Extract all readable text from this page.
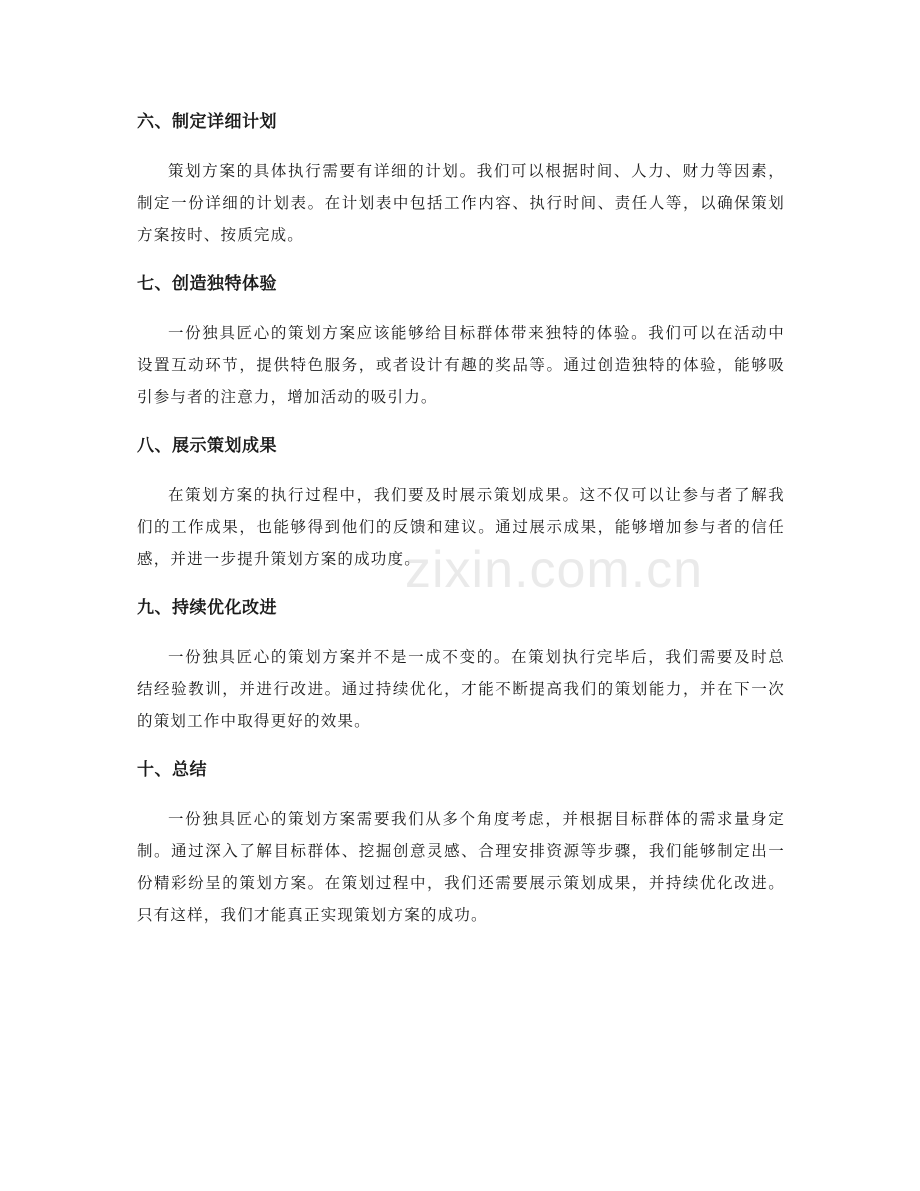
六、制定详细计划

策划方案的具体执行需要有详细的计划。我们可以根据时间、人力、财力等因素，制定一份详细的计划表。在计划表中包括工作内容、执行时间、责任人等，以确保策划方案按时、按质完成。

七、创造独特体验

一份独具匠心的策划方案应该能够给目标群体带来独特的体验。我们可以在活动中设置互动环节，提供特色服务，或者设计有趣的奖品等。通过创造独特的体验，能够吸引参与者的注意力，增加活动的吸引力。

八、展示策划成果

在策划方案的执行过程中，我们要及时展示策划成果。这不仅可以让参与者了解我们的工作成果，也能够得到他们的反馈和建议。通过展示成果，能够增加参与者的信任感，并进一步提升策划方案的成功度。

九、持续优化改进

一份独具匠心的策划方案并不是一成不变的。在策划执行完毕后，我们需要及时总结经验教训，并进行改进。通过持续优化，才能不断提高我们的策划能力，并在下一次的策划工作中取得更好的效果。

十、总结

一份独具匠心的策划方案需要我们从多个角度考虑，并根据目标群体的需求量身定制。通过深入了解目标群体、挖掘创意灵感、合理安排资源等步骤，我们能够制定出一份精彩纷呈的策划方案。在策划过程中，我们还需要展示策划成果，并持续优化改进。只有这样，我们才能真正实现策划方案的成功。

zixin.com.cn
